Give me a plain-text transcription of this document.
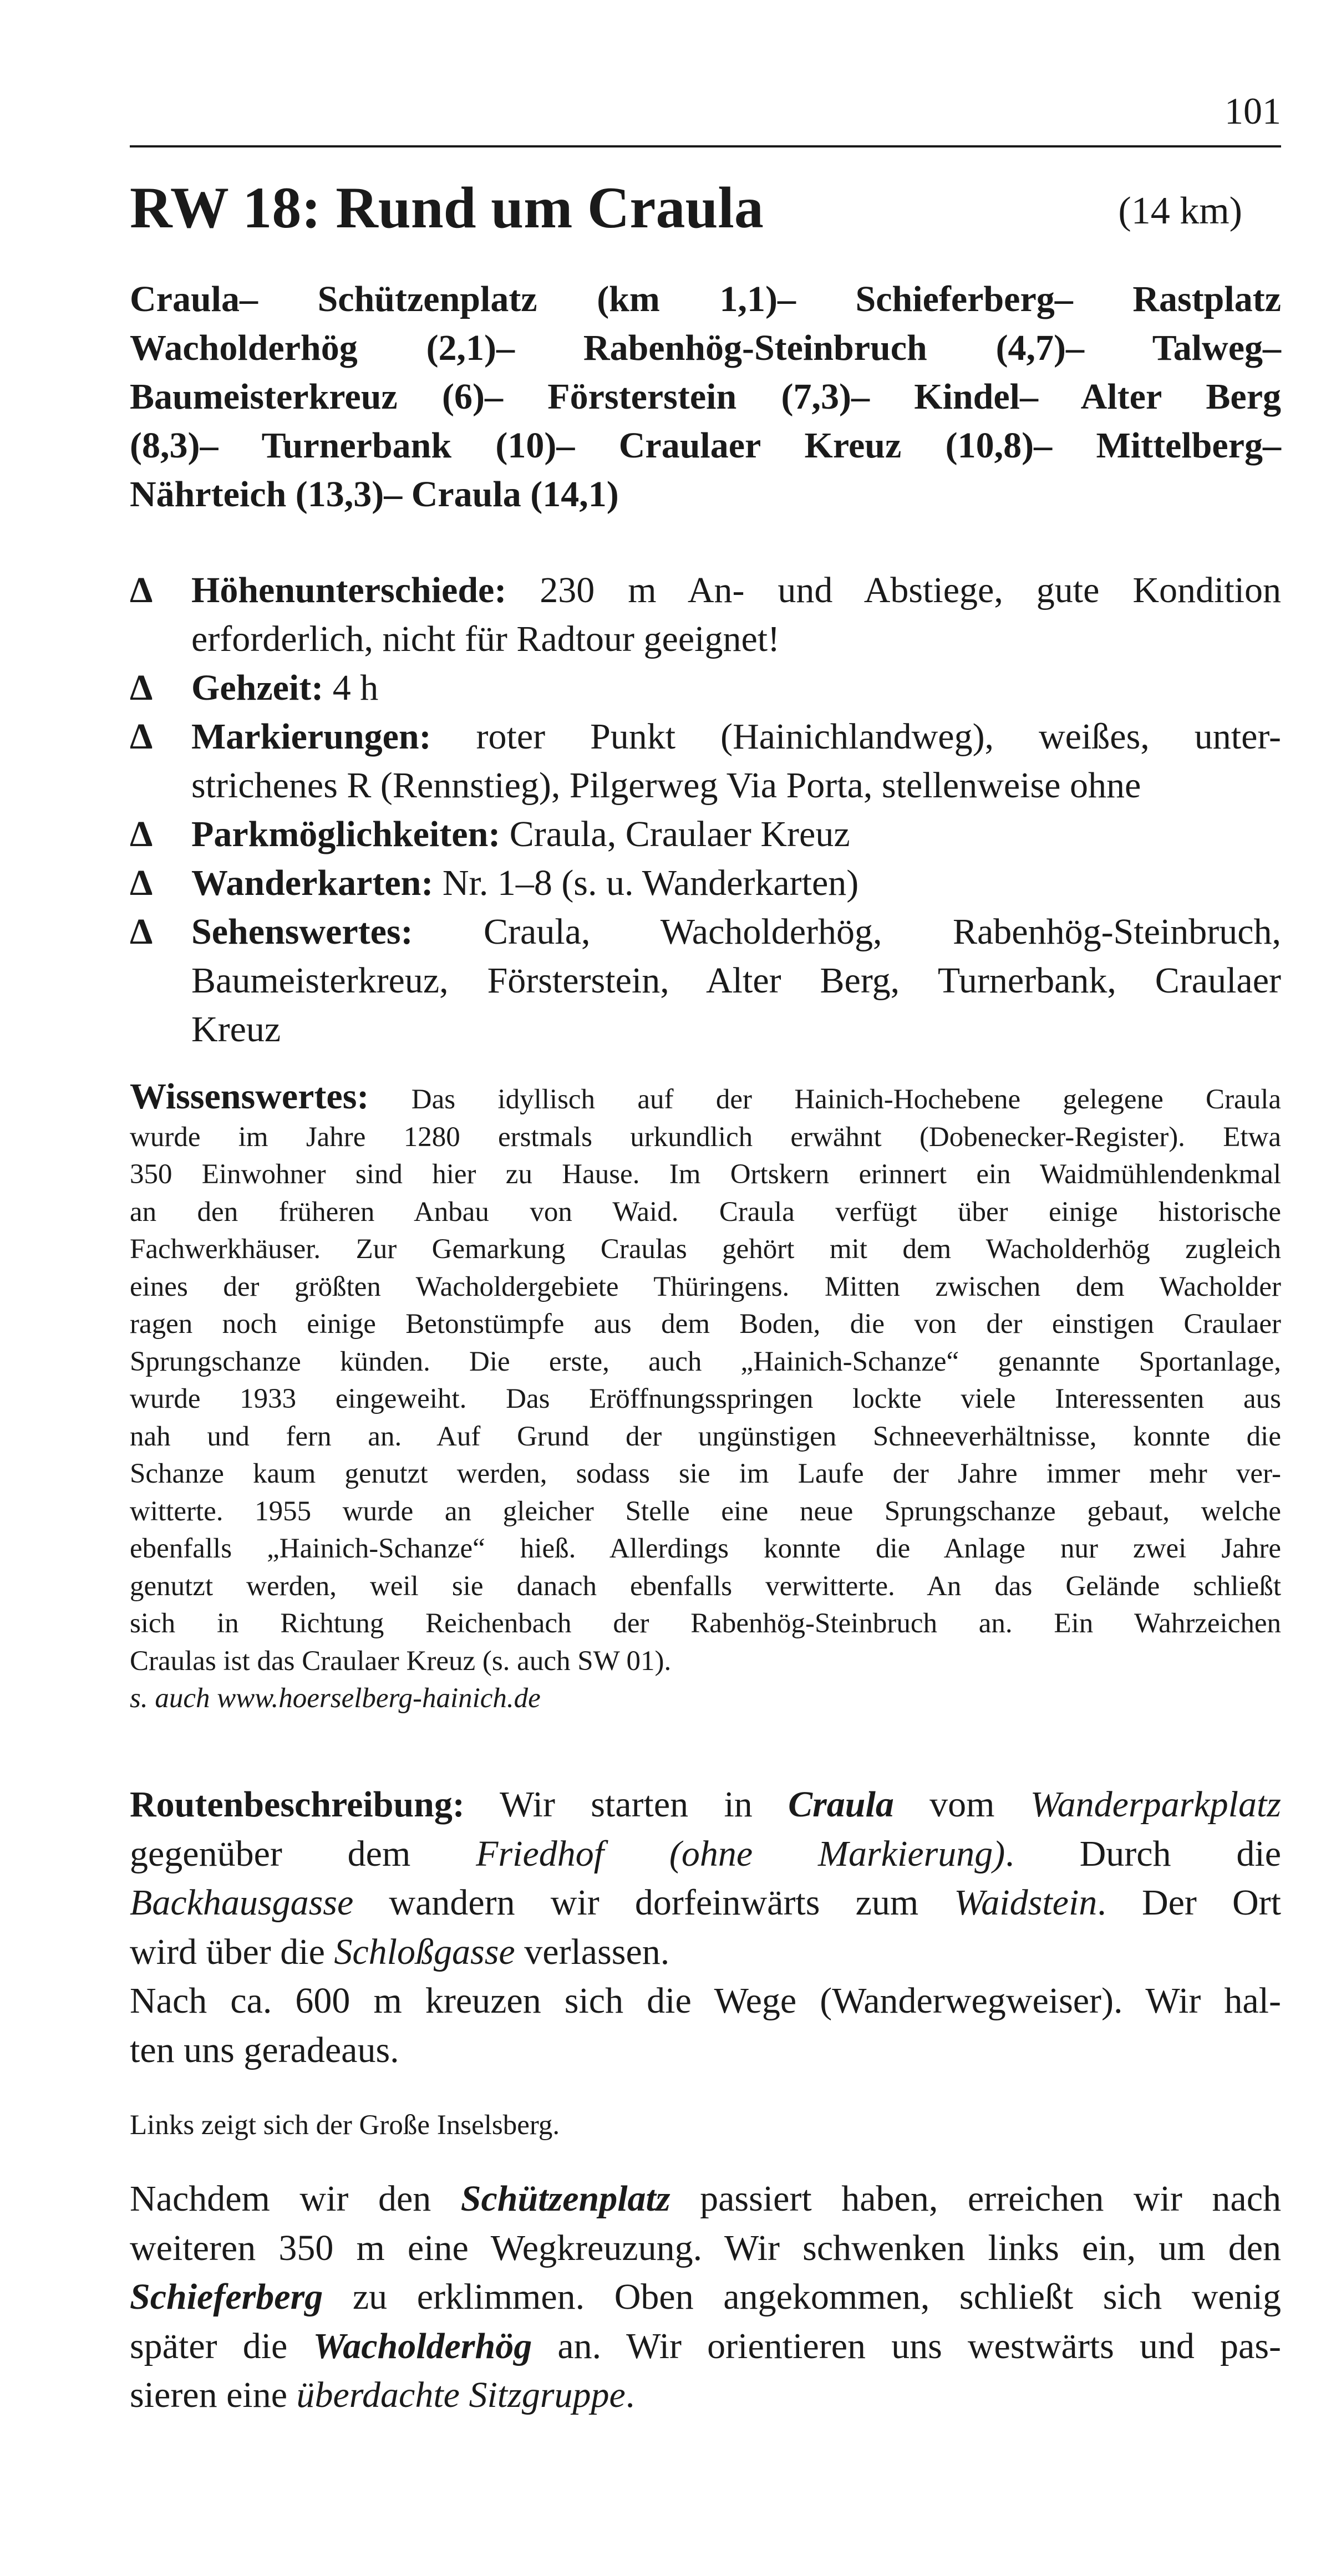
101
RW 18: Rund um Craula	(14 km)
Craula– Schützenplatz (km 1,1)– Schieferberg– Rastplatz
Wacholderhög (2,1)– Rabenhög-Steinbruch (4,7)– Talweg–
Baumeisterkreuz (6)– Försterstein (7,3)– Kindel– Alter Berg
(8,3)– Turnerbank (10)– Craulaer Kreuz (10,8)– Mittelberg–
Nährteich (13,3)– Craula (14,1)
Δ Höhenunterschiede: 230 m An- und Abstiege, gute Kondition
erforderlich, nicht für Radtour geeignet!
Δ Gehzeit: 4 h
Δ Markierungen: roter Punkt (Hainichlandweg), weißes, unter-
strichenes R (Rennstieg), Pilgerweg Via Porta, stellenweise ohne
Δ Parkmöglichkeiten: Craula, Craulaer Kreuz
Δ Wanderkarten: Nr. 1–8 (s. u. Wanderkarten)
Δ Sehenswertes: Craula, Wacholderhög, Rabenhög-Steinbruch,
Baumeisterkreuz, Försterstein, Alter Berg, Turnerbank, Craulaer
Kreuz
Wissenswertes: Das idyllisch auf der Hainich-Hochebene gelegene Craula
wurde im Jahre 1280 erstmals urkundlich erwähnt (Dobenecker-Register). Etwa
350 Einwohner sind hier zu Hause. Im Ortskern erinnert ein Waidmühlendenkmal
an den früheren Anbau von Waid. Craula verfügt über einige historische
Fachwerkhäuser. Zur Gemarkung Craulas gehört mit dem Wacholderhög zugleich
eines der größten Wacholdergebiete Thüringens. Mitten zwischen dem Wacholder
ragen noch einige Betonstümpfe aus dem Boden, die von der einstigen Craulaer
Sprungschanze künden. Die erste, auch „Hainich-Schanze“ genannte Sportanlage,
wurde 1933 eingeweiht. Das Eröffnungsspringen lockte viele Interessenten aus
nah und fern an. Auf Grund der ungünstigen Schneeverhältnisse, konnte die
Schanze kaum genutzt werden, sodass sie im Laufe der Jahre immer mehr ver-
witterte. 1955 wurde an gleicher Stelle eine neue Sprungschanze gebaut, welche
ebenfalls „Hainich-Schanze“ hieß. Allerdings konnte die Anlage nur zwei Jahre
genutzt werden, weil sie danach ebenfalls verwitterte. An das Gelände schließt
sich in Richtung Reichenbach der Rabenhög-Steinbruch an. Ein Wahrzeichen
Craulas ist das Craulaer Kreuz (s. auch SW 01).
s. auch www.hoerselberg-hainich.de
Routenbeschreibung: Wir starten in Craula vom Wanderparkplatz
gegenüber dem Friedhof (ohne Markierung). Durch die
Backhausgasse wandern wir dorfeinwärts zum Waidstein. Der Ort
wird über die Schloßgasse verlassen.
Nach ca. 600 m kreuzen sich die Wege (Wanderwegweiser). Wir hal-
ten uns geradeaus.
Links zeigt sich der Große Inselsberg.
Nachdem wir den Schützenplatz passiert haben, erreichen wir nach
weiteren 350 m eine Wegkreuzung. Wir schwenken links ein, um den
Schieferberg zu erklimmen. Oben angekommen, schließt sich wenig
später die Wacholderhög an. Wir orientieren uns westwärts und pas-
sieren eine überdachte Sitzgruppe.
